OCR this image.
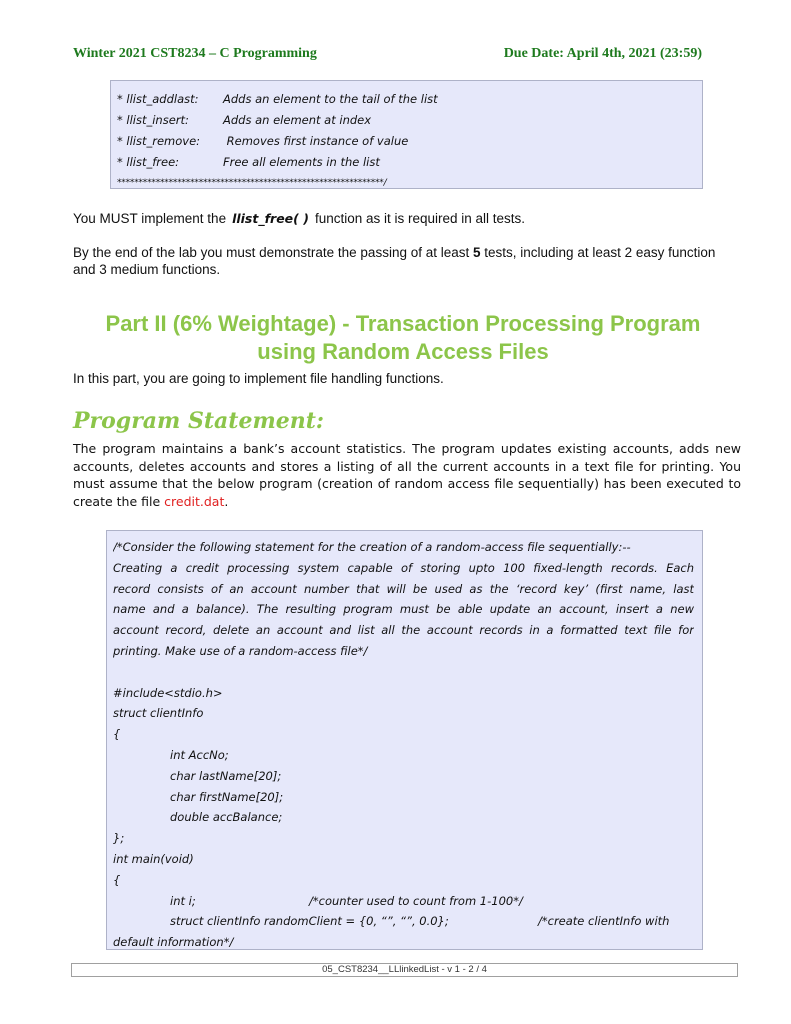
Winter 2021 CST8234 – C Programming	Due Date: April 4th, 2021 (23:59)
* llist_addlast: Adds an element to the tail of the list
* llist_insert:	Adds an element at index
* llist_remove: Removes first instance of value
* llist_free:	Free all elements in the list
**************************************************************/
You MUST implement the llist_free( ) function as it is required in all tests.
By the end of the lab you must demonstrate the passing of at least 5 tests, including at least 2 easy function and 3 medium functions.
Part II (6% Weightage) - Transaction Processing Program
using Random Access Files
In this part, you are going to implement file handling functions.
Program Statement:
The program maintains a bank’s account statistics. The program updates existing accounts, adds new accounts, deletes accounts and stores a listing of all the current accounts in a text file for printing. You must assume that the below program (creation of random access file sequentially) has been executed to create the file credit.dat.
/*Consider the following statement for the creation of a random-access file sequentially:--
Creating a credit processing system capable of storing upto 100 fixed-length records. Each
record consists of an account number that will be used as the ‘record key’ (first name, last
name and a balance). The resulting program must be able update an account, insert a new
account record, delete an account and list all the account records in a formatted text file for
printing. Make use of a random-access file*/
#include<stdio.h>
struct clientInfo
{
int AccNo;
char lastName[20];
char firstName[20];
double accBalance;
};
int main(void)
{
int i;	/*counter used to count from 1-100*/
struct clientInfo randomClient = {0, “”, “”, 0.0};	/*create clientInfo with
default information*/
05_CST8234__LLlinkedList - v 1 - 2 / 4
